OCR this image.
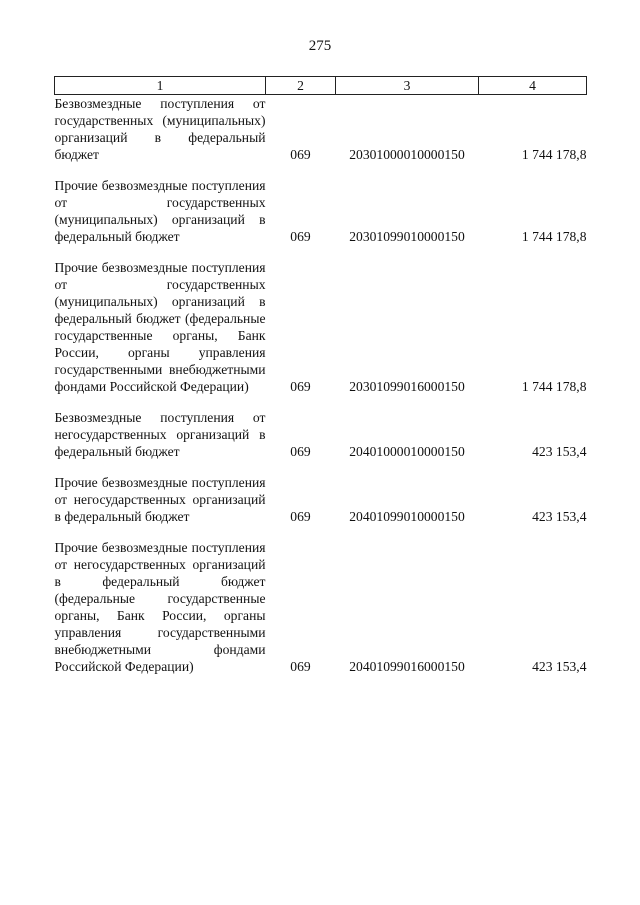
275
1	2	3	4
Безвозмездные поступления от государственных (муниципальных) организаций в федеральный бюджет	069	20301000010000150	1 744 178,8
Прочие безвозмездные поступления от государственных (муниципальных) организаций в федеральный бюджет	069	20301099010000150	1 744 178,8
Прочие безвозмездные поступления от государственных (муниципальных) организаций в федеральный бюджет (федеральные государственные органы, Банк России, органы управления государственными внебюджетными фондами Российской Федерации)	069	20301099016000150	1 744 178,8
Безвозмездные поступления от негосударственных организаций в федеральный бюджет	069	20401000010000150	423 153,4
Прочие безвозмездные поступления от негосударственных организаций в федеральный бюджет	069	20401099010000150	423 153,4
Прочие безвозмездные поступления от негосударственных организаций в федеральный бюджет (федеральные государственные органы, Банк России, органы управления государственными внебюджетными фондами Российской Федерации)	069	20401099016000150	423 153,4
